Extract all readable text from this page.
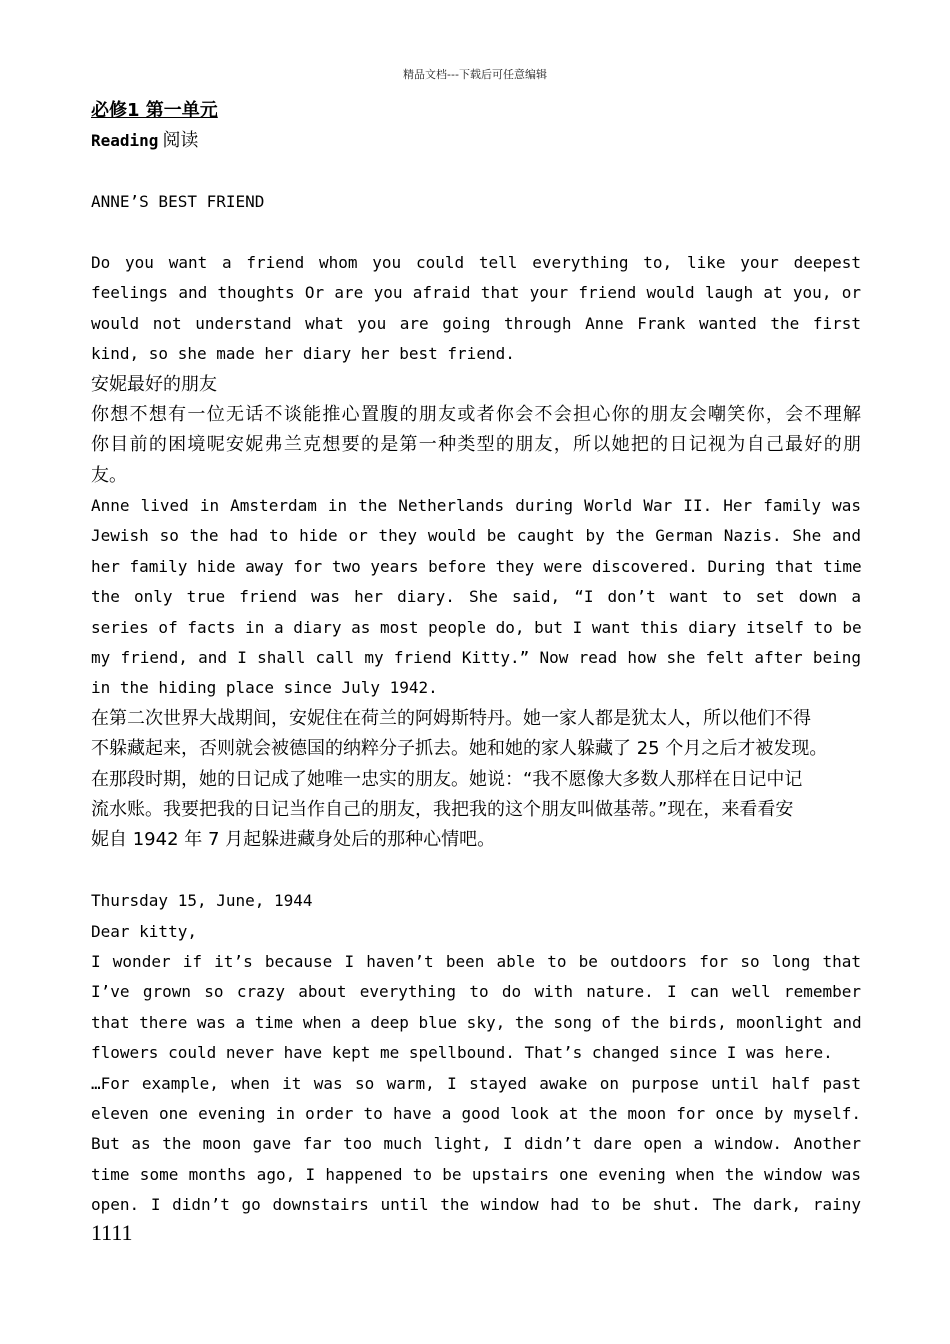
精品文档---下载后可任意编辑
必修1 第一单元
Reading 阅读
ANNE’S BEST FRIEND
Do you want a friend whom you could tell everything to, like your deepest
feelings and thoughts Or are you afraid that your friend would laugh at you, or
would not understand what you are going through Anne Frank wanted the first
kind, so she made her diary her best friend.
安妮最好的朋友
你想不想有一位无话不谈能推心置腹的朋友或者你会不会担心你的朋友会嘲笑你，会不理解
你目前的困境呢安妮弗兰克想要的是第一种类型的朋友，所以她把的日记视为自己最好的朋
友。
Anne lived in Amsterdam in the Netherlands during World War II. Her family was
Jewish so the had to hide or they would be caught by the German Nazis. She and
her family hide away for two years before they were discovered. During that time
the only true friend was her diary. She said, “I don’t want to set down a
series of facts in a diary as most people do, but I want this diary itself to be
my friend, and I shall call my friend Kitty.” Now read how she felt after being
in the hiding place since July 1942.
在第二次世界大战期间，安妮住在荷兰的阿姆斯特丹。她一家人都是犹太人，所以他们不得
不躲藏起来，否则就会被德国的纳粹分子抓去。她和她的家人躲藏了 25 个月之后才被发现。
在那段时期，她的日记成了她唯一忠实的朋友。她说：“我不愿像大多数人那样在日记中记
流水账。我要把我的日记当作自己的朋友，我把我的这个朋友叫做基蒂。”现在，来看看安
妮自 1942 年 7 月起躲进藏身处后的那种心情吧。
Thursday 15, June, 1944
Dear kitty,
I wonder if it’s because I haven’t been able to be outdoors for so long that
I’ve grown so crazy about everything to do with nature. I can well remember
that there was a time when a deep blue sky, the song of the birds, moonlight and
flowers could never have kept me spellbound. That’s changed since I was here.
…For example, when it was so warm, I stayed awake on purpose until half past
eleven one evening in order to have a good look at the moon for once by myself.
But as the moon gave far too much light, I didn’t dare open a window. Another
time some months ago, I happened to be upstairs one evening when the window was
open. I didn’t go downstairs until the window had to be shut. The dark, rainy
1111
